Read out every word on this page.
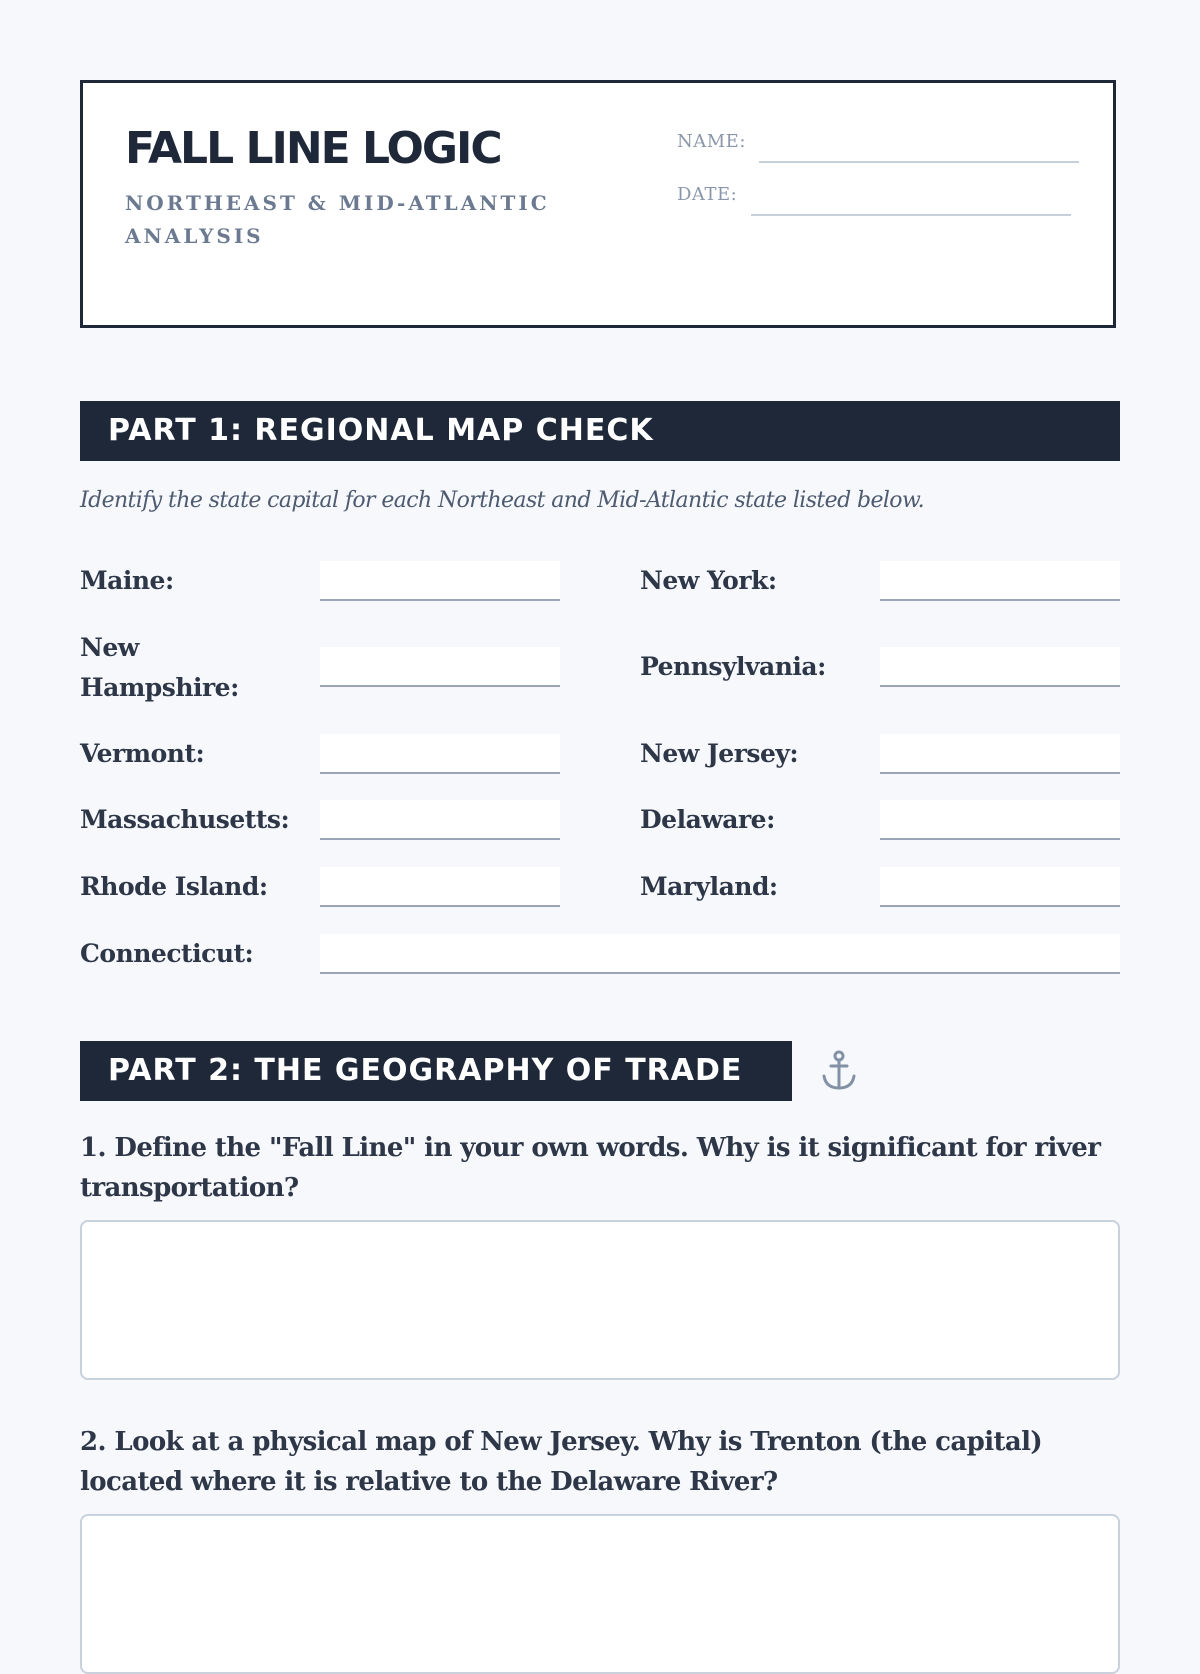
FALL LINE LOGIC
NORTHEAST & MID-ATLANTIC ANALYSIS
NAME:
DATE:
PART 1: REGIONAL MAP CHECK
Identify the state capital for each Northeast and Mid-Atlantic state listed below.
Maine:
New Hampshire:
Vermont:
Massachusetts:
Rhode Island:
Connecticut:
New York:
Pennsylvania:
New Jersey:
Delaware:
Maryland:
PART 2: THE GEOGRAPHY OF TRADE
1. Define the "Fall Line" in your own words. Why is it significant for river transportation?
2. Look at a physical map of New Jersey. Why is Trenton (the capital) located where it is relative to the Delaware River?
